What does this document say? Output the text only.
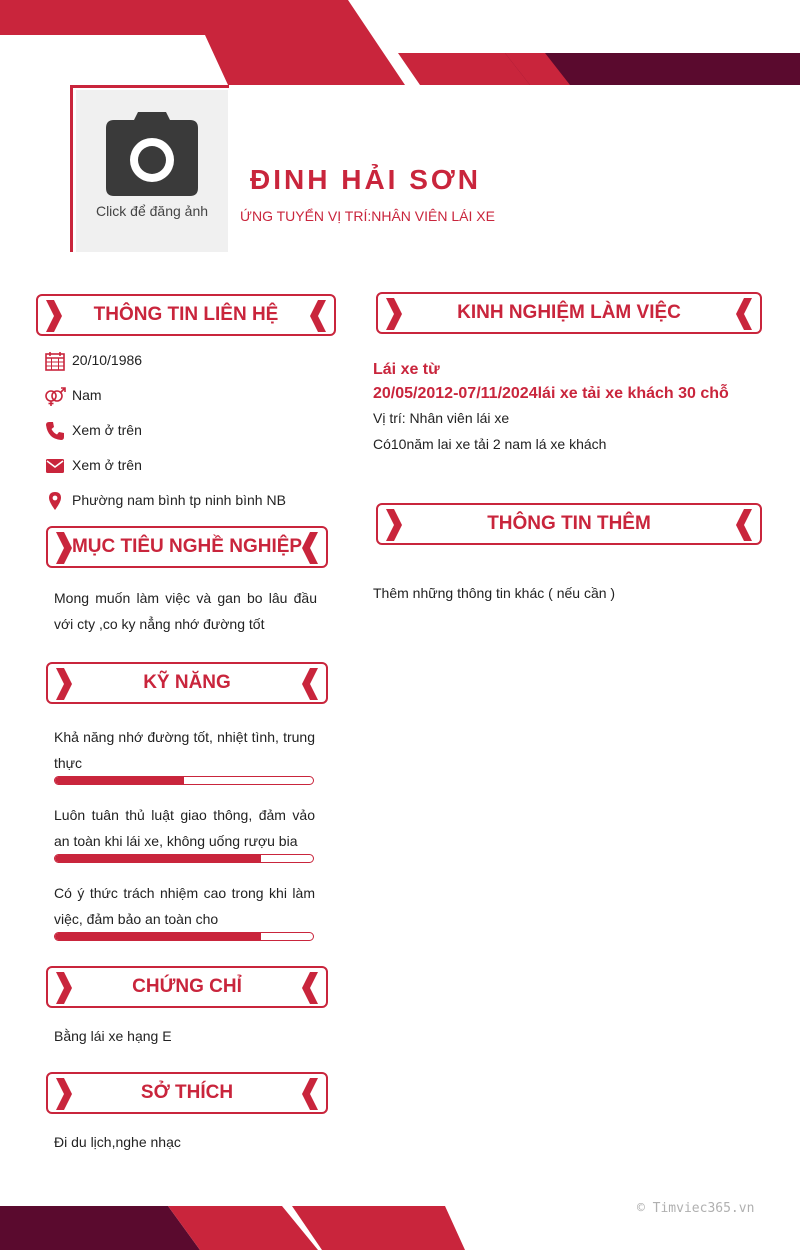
Click để đăng ảnh
ĐINH HẢI SƠN
ỨNG TUYỂN VỊ TRÍ:NHÂN VIÊN LÁI XE
THÔNG TIN LIÊN HỆ
MỤC TIÊU NGHỀ NGHIỆP
KỸ NĂNG
CHỨNG CHỈ
SỞ THÍCH
KINH NGHIỆM LÀM VIỆC
THÔNG TIN THÊM
20/10/1986
Nam
Xem ở trên
Xem ở trên
Phường nam bình tp ninh bình NB
Mong muốn làm việc và gan bo lâu đầu với cty ,co ky nẳng nhớ đường tốt
Khả năng nhớ đường tốt, nhiệt tình, trung thực
Luôn tuân thủ luật giao thông, đảm vảo an toàn khi lái xe, không uống rượu bia
Có ý thức trách nhiệm cao trong khi làm việc, đảm bảo an toàn cho
Bằng lái xe hạng E
Đi du lịch,nghe nhạc
Lái xe từ
20/05/2012-07/11/2024lái xe tải xe khách 30 chỗ
Vị trí: Nhân viên lái xe
Có10năm lai xe tải 2 nam lá xe khách
Thêm những thông tin khác ( nếu cần )
© Timviec365.vn
